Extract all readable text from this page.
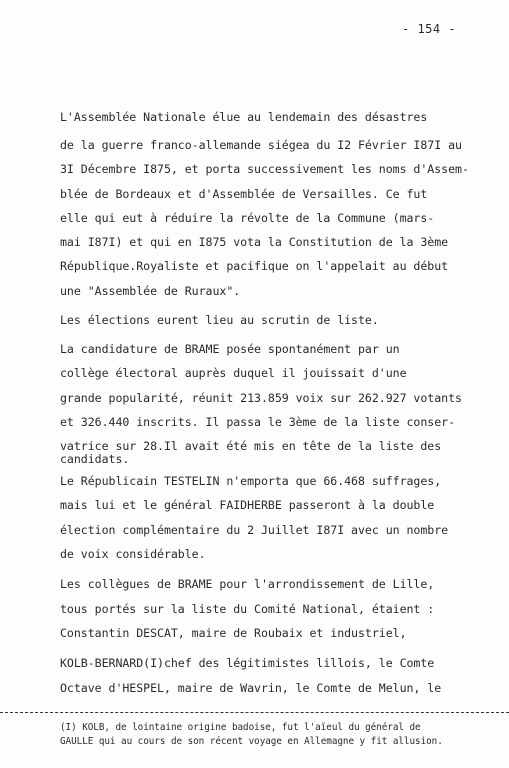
- 154 -
L'Assemblée Nationale élue au lendemain des désastres
de la guerre franco-allemande siégea du I2 Février I87I au
3I Décembre I875, et porta successivement les noms d'Assem-
blée de Bordeaux et d'Assemblée de Versailles. Ce fut
elle qui eut à réduire la révolte de la Commune (mars-
mai I87I) et qui en I875 vota la Constitution de la 3ème
République.Royaliste et pacifique on l'appelait au début
une "Assemblée de Ruraux".
Les élections eurent lieu au scrutin de liste.
La candidature de BRAME posée spontanément par un
collège électoral auprès duquel il jouissait d'une
grande popularité, réunit 213.859 voix sur 262.927 votants
et 326.440 inscrits. Il passa le 3ème de la liste conser-
vatrice sur 28.Il avait été mis en tête de la liste des
candidats.
Le Républicain TESTELIN n'emporta que 66.468 suffrages,
mais lui et le général FAIDHERBE passeront à la double
élection complémentaire du 2 Juillet I87I avec un nombre
de voix considérable.
Les collègues de BRAME pour l'arrondissement de Lille,
tous portés sur la liste du Comité National, étaient :
Constantin DESCAT, maire de Roubaix et industriel,
KOLB-BERNARD(I)chef des légitimistes lillois, le Comte
Octave d'HESPEL, maire de Wavrin, le Comte de Melun, le
(I) KOLB, de lointaine origine badoise, fut l'aïeul du général de
GAULLE qui au cours de son récent voyage en Allemagne y fit allusion.
